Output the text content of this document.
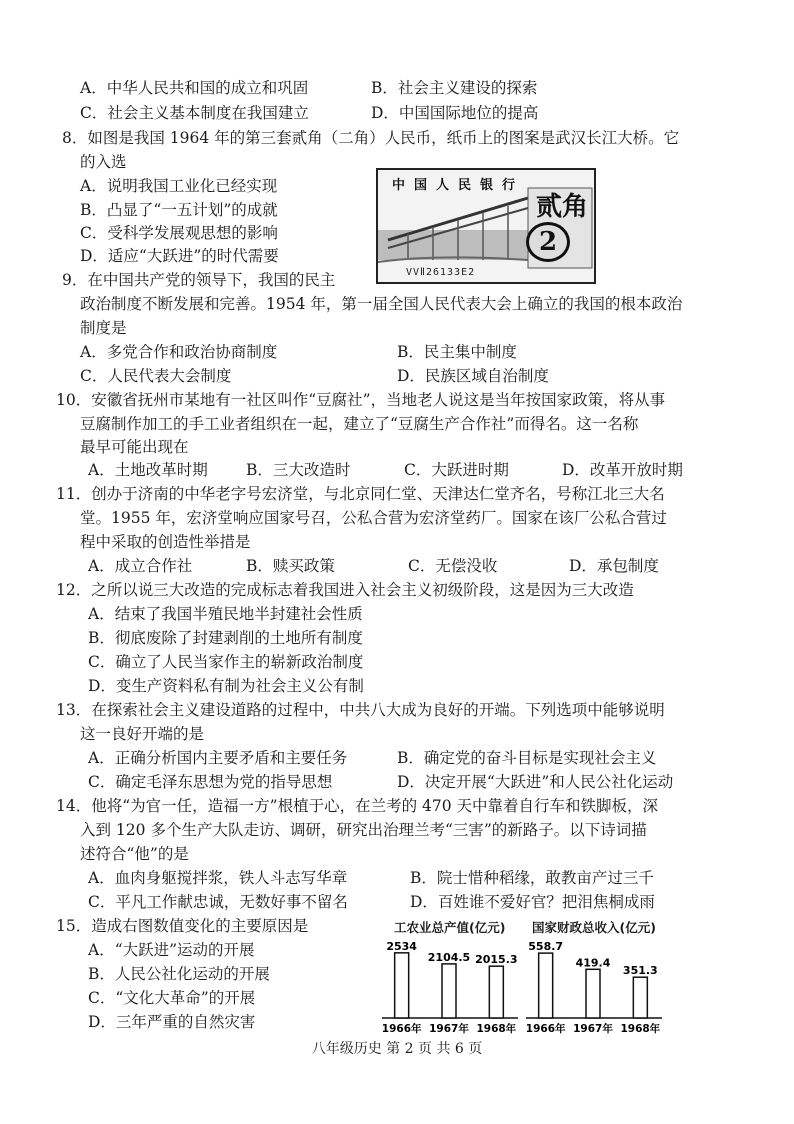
A．中华人民共和国的成立和巩固	B．社会主义建设的探索
C．社会主义基本制度在我国建立	D．中国国际地位的提高
8．如图是我国 1964 年的第三套贰角（二角）人民币，纸币上的图案是武汉长江大桥。它
的入选
A．说明我国工业化已经实现
B．凸显了“一五计划”的成就
C．受科学发展观思想的影响
D．适应“大跃进”的时代需要
中国人民银行
贰角
2
VVⅡ26133E2
9．在中国共产党的领导下，我国的民主
政治制度不断发展和完善。1954 年，第一届全国人民代表大会上确立的我国的根本政治
制度是
A．多党合作和政治协商制度	B．民主集中制度
C．人民代表大会制度	D．民族区域自治制度
10．安徽省抚州市某地有一社区叫作“豆腐社”，当地老人说这是当年按国家政策，将从事
豆腐制作加工的手工业者组织在一起，建立了“豆腐生产合作社”而得名。这一名称
最早可能出现在
A．土地改革时期 B．三大改造时	C．大跃进时期	D．改革开放时期
11．创办于济南的中华老字号宏济堂，与北京同仁堂、天津达仁堂齐名，号称江北三大名
堂。1955 年，宏济堂响应国家号召，公私合营为宏济堂药厂。国家在该厂公私合营过
程中采取的创造性举措是
A．成立合作社	B．赎买政策	C．无偿没收	D．承包制度
12．之所以说三大改造的完成标志着我国进入社会主义初级阶段，这是因为三大改造
A．结束了我国半殖民地半封建社会性质
B．彻底废除了封建剥削的土地所有制度
C．确立了人民当家作主的崭新政治制度
D．变生产资料私有制为社会主义公有制
13．在探索社会主义建设道路的过程中，中共八大成为良好的开端。下列选项中能够说明
这一良好开端的是
A．正确分析国内主要矛盾和主要任务	B．确定党的奋斗目标是实现社会主义
C．确定毛泽东思想为党的指导思想	D．决定开展“大跃进”和人民公社化运动
14．他将“为官一任，造福一方”根植于心，在兰考的 470 天中靠着自行车和铁脚板，深
入到 120 多个生产大队走访、调研，研究出治理兰考“三害”的新路子。以下诗词描
述符合“他”的是
A．血肉身躯搅拌浆，铁人斗志写华章	B．院士惜种稻缘，敢教亩产过三千
C．平凡工作献忠诚，无数好事不留名	D．百姓谁不爱好官？把泪焦桐成雨
15．造成右图数值变化的主要原因是
A．“大跃进”运动的开展
B．人民公社化运动的开展
C．“文化大革命”的开展
D．三年严重的自然灾害
工农业总产值(亿元) 国家财政总收入(亿元)
2534
1966年
2104.5
1967年
2015.3
1968年
558.7
1966年
419.4
1967年
351.3
1968年
八年级历史 第 2 页 共 6 页
